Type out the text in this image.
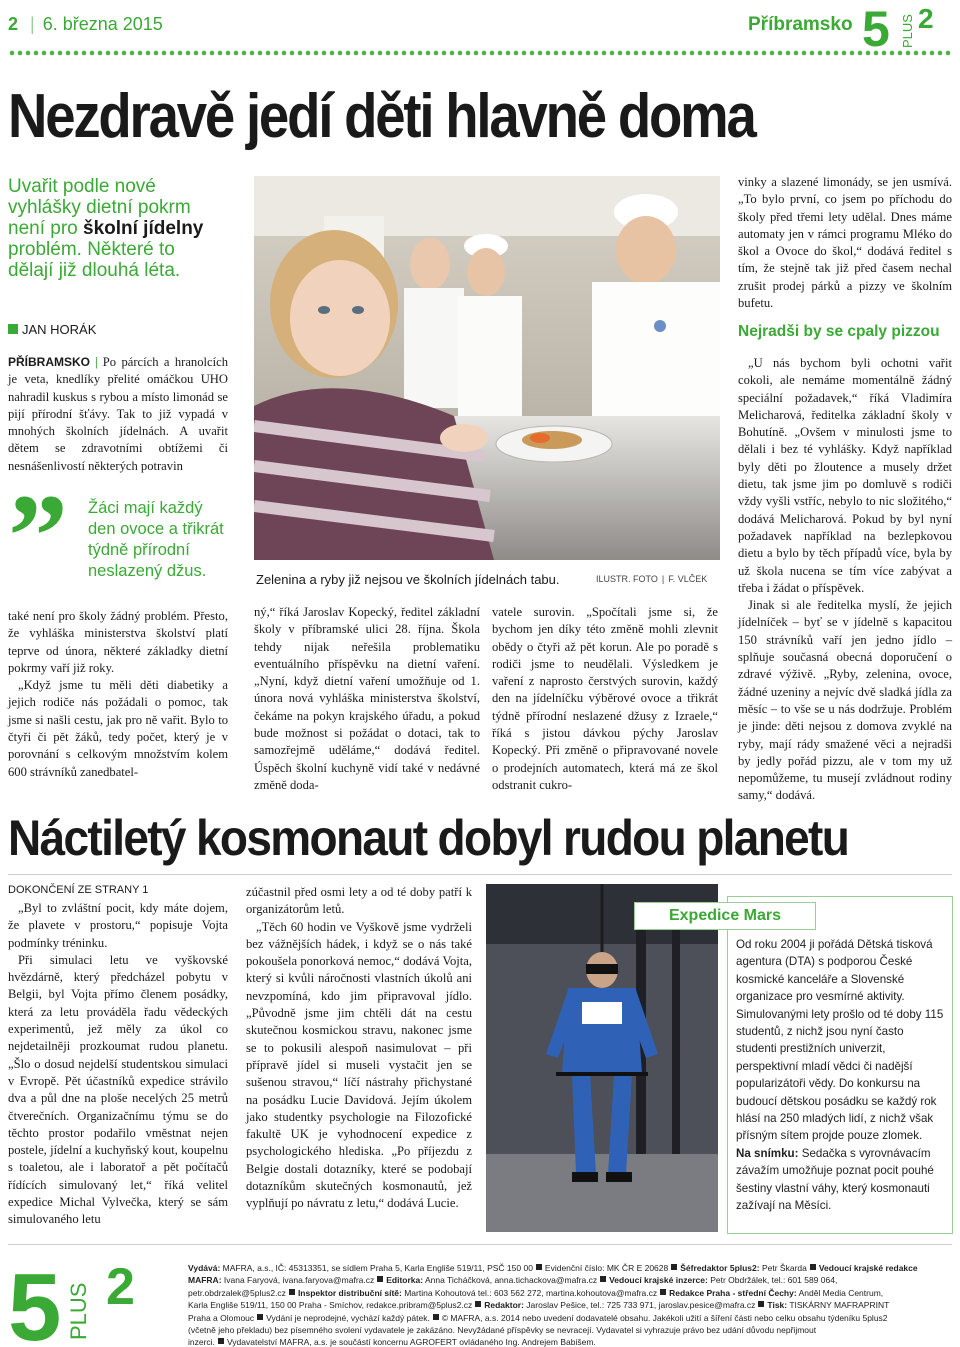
2
|	6. března 2015	Příbramsko 5 PLUS 2
Nezdravě jedí děti hlavně doma
Uvařit podle nové vyhlášky dietní pokrm není pro školní jídelny problém. Některé to dělají již dlouhá léta.
JAN HORÁK

PŘÍBRAMSKO | Po párcích a hranolcích je veta, knedlíky přelité omáčkou UHO nahradil kuskus s rybou a místo limonád se pijí přírodní šťávy. Tak to již vypadá v mnohých školních jídelnách. A uvařit dětem se zdravotními obtížemi či nesnášenlivostí některých potravin

”	Žáci mají každý den ovoce a třikrát týdně přírodní neslazený džus.

také není pro školy žádný problém. Přesto, že vyhláška ministerstva školství platí teprve od února, některé základky dietní pokrmy vaří již roky.

„Když jsme tu měli děti diabetiky a jejich rodiče nás požádali o pomoc, tak jsme si našli cestu, jak pro ně vařit. Bylo to čtyři či pět žáků, tedy počet, který je v porovnání s celkovým množstvím kolem 600 strávníků zanedbatel-

Zelenina a ryby již nejsou ve školních jídelnách tabu.	ILUSTR. FOTO | F. VLČEK

ný,“ říká Jaroslav Kopecký, ředitel základní školy v příbramské ulici 28. října. Škola tehdy nijak neřešila problematiku eventuálního příspěvku na dietní vaření. „Nyní, když dietní vaření umožňuje od 1. února nová vyhláška ministerstva školství, čekáme na pokyn krajského úřadu, a pokud bude možnost si požádat o dotaci, tak to samozřejmě uděláme,“ dodává ředitel. Úspěch školní kuchyně vidí také v nedávné změně doda-

vatele surovin. „Spočítali jsme si, že bychom jen díky této změně mohli zlevnit obědy o čtyři až pět korun. Ale po poradě s rodiči jsme to neudělali. Výsledkem je vaření z naprosto čerstvých surovin, každý den na jídelníčku výběrové ovoce a třikrát týdně přírodní neslazené džusy z Izraele,“ říká s jistou dávkou pýchy Jaroslav Kopecký. Při změně o připravované novele o prodejních automatech, která má ze škol odstranit cukro-

vinky a slazené limonády, se jen usmívá. „To bylo první, co jsem po příchodu do školy před třemi lety udělal. Dnes máme automaty jen v rámci programu Mléko do škol a Ovoce do škol,“ dodává ředitel s tím, že stejně tak již před časem nechal zrušit prodej párků a pizzy ve školním bufetu.

Nejradši by se cpaly pizzou

„U nás bychom byli ochotni vařit cokoli, ale nemáme momentálně žádný speciální požadavek,“ říká Vladimíra Melicharová, ředitelka základní školy v Bohutíně. „Ovšem v minulosti jsme to dělali i bez té vyhlášky. Když například byly děti po žloutence a musely držet dietu, tak jsme jim po domluvě s rodiči vždy vyšli vstříc, nebylo to nic složitého,“ dodává Melicharová. Pokud by byl nyní požadavek například na bezlepkovou dietu a bylo by těch případů více, byla by už škola nucena se tím více zabývat a třeba i žádat o příspěvek.

Jinak si ale ředitelka myslí, že jejich jídelníček – byť se v jídelně s kapacitou 150 strávníků vaří jen jedno jídlo – splňuje současná obecná doporučení o zdravé výživě. „Ryby, zelenina, ovoce, žádné uzeniny a nejvíc dvě sladká jídla za měsíc – to vše se u nás dodržuje. Problém je jinde: děti nejsou z domova zvyklé na ryby, mají rády smažené věci a nejradši by jedly pořád pizzu, ale v tom my už nepomůžeme, tu musejí zvládnout rodiny samy,“ dodává.

Náctiletý kosmonaut dobyl rudou planetu
DOKONČENÍ ZE STRANY 1

„Byl to zvláštní pocit, kdy máte dojem, že plavete v prostoru,“ popisuje Vojta podmínky tréninku.

Při simulaci letu ve vyškovské hvězdárně, který předcházel pobytu v Belgii, byl Vojta přímo členem posádky, která za letu prováděla řadu vědeckých experimentů, jež měly za úkol co nejdetailněji prozkoumat rudou planetu. „Šlo o dosud nejdelší studentskou simulaci v Evropě. Pět účastníků expedice strávilo dva a půl dne na ploše necelých 25 metrů čtverečních. Organizačnímu týmu se do těchto prostor podařilo vměstnat nejen postele, jídelní a kuchyňský kout, koupelnu s toaletou, ale i laboratoř a pět počítačů řídících simulovaný let,“ říká velitel expedice Michal Vylvečka, který se sám simulovaného letu

zúčastnil před osmi lety a od té doby patří k organizátorům letů.

„Těch 60 hodin ve Vyškově jsme vydrželi bez vážnějších hádek, i když se o nás také pokoušela ponorková nemoc,“ dodává Vojta, který si kvůli náročnosti vlastních úkolů ani nevzpomíná, kdo jim připravoval jídlo. „Původně jsme jim chtěli dát na cestu skutečnou kosmickou stravu, nakonec jsme se to pokusili alespoň nasimulovat – při přípravě jídel si museli vystačit jen se sušenou stravou,“ líčí nástrahy přichystané na posádku Lucie Davidová. Jejím úkolem jako studentky psychologie na Filozofické fakultě UK je vyhodnocení expedice z psychologického hlediska. „Po příjezdu z Belgie dostali dotazníky, které se podobají dotazníkům skutečných kosmonautů, jež vyplňují po návratu z letu,“ dodává Lucie.

Expedice Mars

Od roku 2004 ji pořádá Dětská tisková agentura (DTA) s podporou České kosmické kanceláře a Slovenské organizace pro vesmírné aktivity. Simulovanými lety prošlo od té doby 115 studentů, z nichž jsou nyní často studenti prestižních univerzit, perspektivní mladí vědci či nadější popularizátoři vědy. Do konkursu na budoucí dětskou posádku se každý rok hlásí na 250 mladých lidí, z nichž však přísným sítem projde pouze zlomek.

Na snímku: Sedačka s vyrovnávacím závažím umožňuje poznat pocit pouhé šestiny vlastní váhy, který kosmonauti zažívají na Měsíci.

5 PLUS 2	Vydává: MAFRA, a.s., IČ: 45313351, se sídlem Praha 5, Karla Engliše 519/11, PSČ 150 00 Evidenční číslo: MK ČR E 20628 Šéfredaktor 5plus2: Petr Škarda Vedoucí krajské redakce
MAFRA: Ivana Faryová, ivana.faryova@mafra.cz Editorka: Anna Ticháčková, anna.tichackova@mafra.cz Vedoucí krajské inzerce: Petr Obdržálek, tel.: 601 589 064,
petr.obdrzalek@5plus2.cz Inspektor distribuční sítě: Martina Kohoutová tel.: 603 562 272, martina.kohoutova@mafra.cz Redakce Praha - střední Čechy: Anděl Media Centrum,
Karla Engliše 519/11, 150 00 Praha - Smíchov, redakce.pribram@5plus2.cz Redaktor: Jaroslav Pešice, tel.: 725 733 971, jaroslav.pesice@mafra.cz Tisk: TISKÁRNY MAFRAPRINT
Praha a Olomouc Vydání je neprodejné, vychází každý pátek. © MAFRA, a.s. 2014 nebo uvedení dodavatelé obsahu. Jakékoli užití a šíření části nebo celku obsahu týdeníku 5plus2
(včetně jeho překladu) bez písemného svolení vydavatele je zakázáno. Nevyžádané příspěvky se nevracejí. Vydavatel si vyhrazuje právo bez udání důvodu nepřijmout
inzerci. Vydavatelství MAFRA, a.s. je součástí koncernu AGROFERT ovládaného Ing. Andrejem Babišem.
